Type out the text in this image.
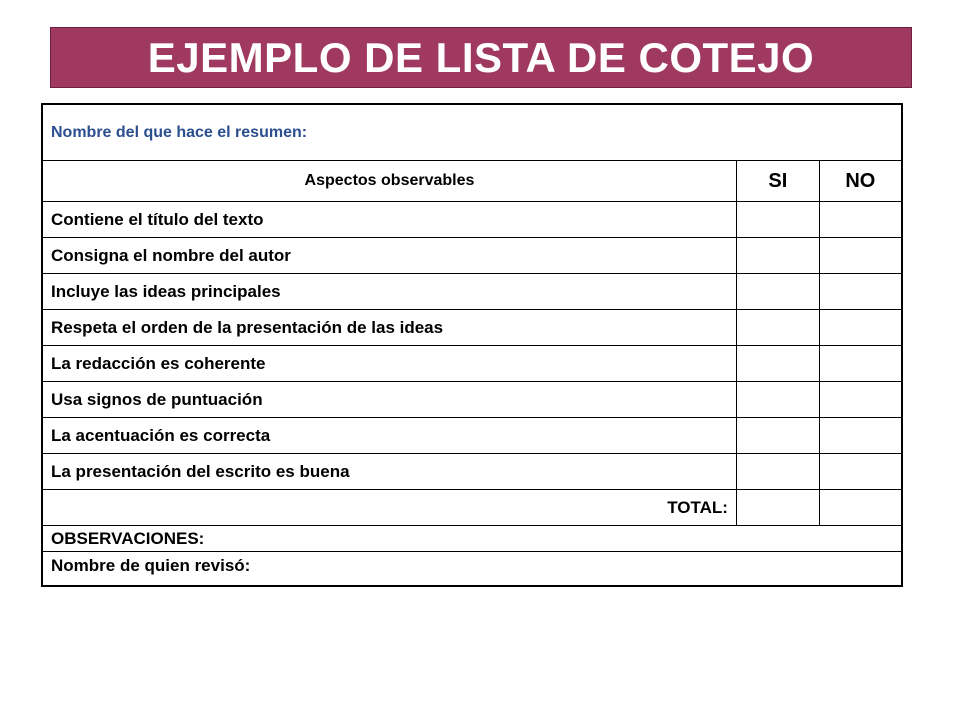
EJEMPLO DE LISTA DE COTEJO
Nombre del que hace el resumen:		
Aspectos observables	SI	NO
Contiene el título del texto		
Consigna el nombre del autor		
Incluye las ideas principales		
Respeta el orden de la presentación de las ideas		
La redacción es coherente		
Usa signos de puntuación		
La acentuación es correcta		
La presentación del escrito es buena		
TOTAL:		
OBSERVACIONES:		
Nombre de quien revisó:		
